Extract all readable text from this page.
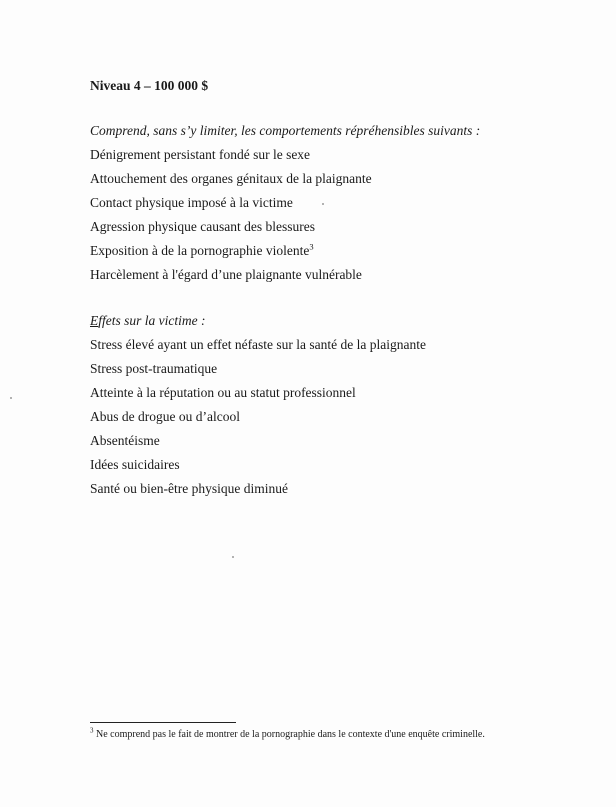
Niveau 4 – 100 000 $
Comprend, sans s’y limiter, les comportements répréhensibles suivants :
Dénigrement persistant fondé sur le sexe
Attouchement des organes génitaux de la plaignante
Contact physique imposé à la victime
Agression physique causant des blessures
Exposition à de la pornographie violente$^3$
Harcèlement à l'égard d’une plaignante vulnérable
Effets sur la victime :
Stress élevé ayant un effet néfaste sur la santé de la plaignante
Stress post-traumatique
Atteinte à la réputation ou au statut professionnel
Abus de drogue ou d’alcool
Absentéisme
Idées suicidaires
Santé ou bien-être physique diminué
$^3$ Ne comprend pas le fait de montrer de la pornographie dans le contexte d'une enquête criminelle.
